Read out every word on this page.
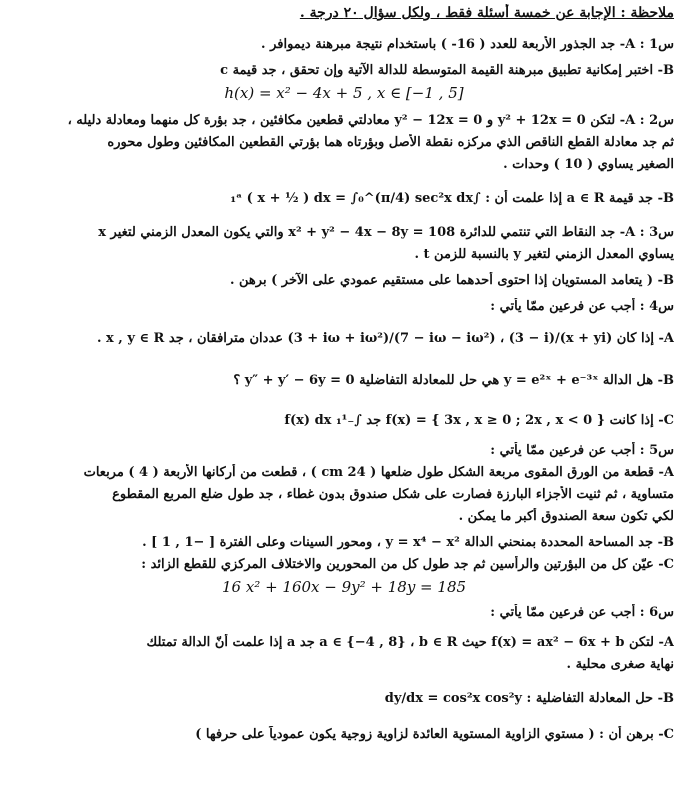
ملاحظة : الإجابة عن خمسة أسئلة فقط ، ولكل سؤال ٢٠ درجة .
س1 : A- جد الجذور الأربعة للعدد ( 16- ) باستخدام نتيجة مبرهنة ديموافر .
B- اختبر إمكانية تطبيق مبرهنة القيمة المتوسطة للدالة الآتية وإن تحقق ، جد قيمة c
h(x) = x² − 4x + 5 , x ∈ [−1 , 5]
س2 : A- لتكن y² + 12x = 0 و y² − 12x = 0 معادلتي قطعين مكافئين ، جد بؤرة كل منهما ومعادلة دليله ،
ثم جد معادلة القطع الناقص الذي مركزه نقطة الأصل وبؤرتاه هما بؤرتي القطعين المكافئين وطول محوره
الصغير يساوي ( 10 ) وحدات .
B- جد قيمة a ∈ R إذا علمت أن : ∫₁ᵃ ( x + ½ ) dx = ∫₀^(π/4) sec²x dx
س3 : A- جد النقاط التي تنتمي للدائرة x² + y² − 4x − 8y = 108 والتي يكون المعدل الزمني لتغير x
يساوي المعدل الزمني لتغير y بالنسبة للزمن t .
B- ( يتعامد المستويان إذا احتوى أحدهما على مستقيم عمودي على الآخر ) برهن .
س4 : أجب عن فرعين ممّا يأتي :
A- إذا كان (x + yi)/(3 − i) ، (7 − iω − iω²)/(3 + iω + iω²) عددان مترافقان ، جد x , y ∈ R .
B- هل الدالة y = e²ˣ + e⁻³ˣ هي حل للمعادلة التفاضلية y″ + y′ − 6y = 0 ؟
C- إذا كانت f(x) = { 3x , x ≥ 0 ; 2x , x < 0 } جد ∫₋₁¹ f(x) dx
س5 : أجب عن فرعين ممّا يأتي :
A- قطعة من الورق المقوى مربعة الشكل طول ضلعها ( 24 cm ) ، قطعت من أركانها الأربعة ( 4 ) مربعات
متساوية ، ثم ثنيت الأجزاء البارزة فصارت على شكل صندوق بدون غطاء ، جد طول ضلع المربع المقطوع
لكي تكون سعة الصندوق أكبر ما يمكن .
B- جد المساحة المحددة بمنحني الدالة y = x⁴ − x² ، ومحور السينات وعلى الفترة [ −1 , 1 ] .
C- عيّن كل من البؤرتين والرأسين ثم جد طول كل من المحورين والاختلاف المركزي للقطع الزائد :
16 x² + 160x − 9y² + 18y = 185
س6 : أجب عن فرعين ممّا يأتي :
A- لتكن f(x) = ax² − 6x + b حيث a ∈ {−4 , 8} ، b ∈ R جد a إذا علمت أنّ الدالة تمتلك
نهاية صغرى محلية .
B- حل المعادلة التفاضلية : dy/dx = cos²x cos²y
C- برهن أن : ( مستوي الزاوية المستوية العائدة لزاوية زوجية يكون عمودياً على حرفها )
